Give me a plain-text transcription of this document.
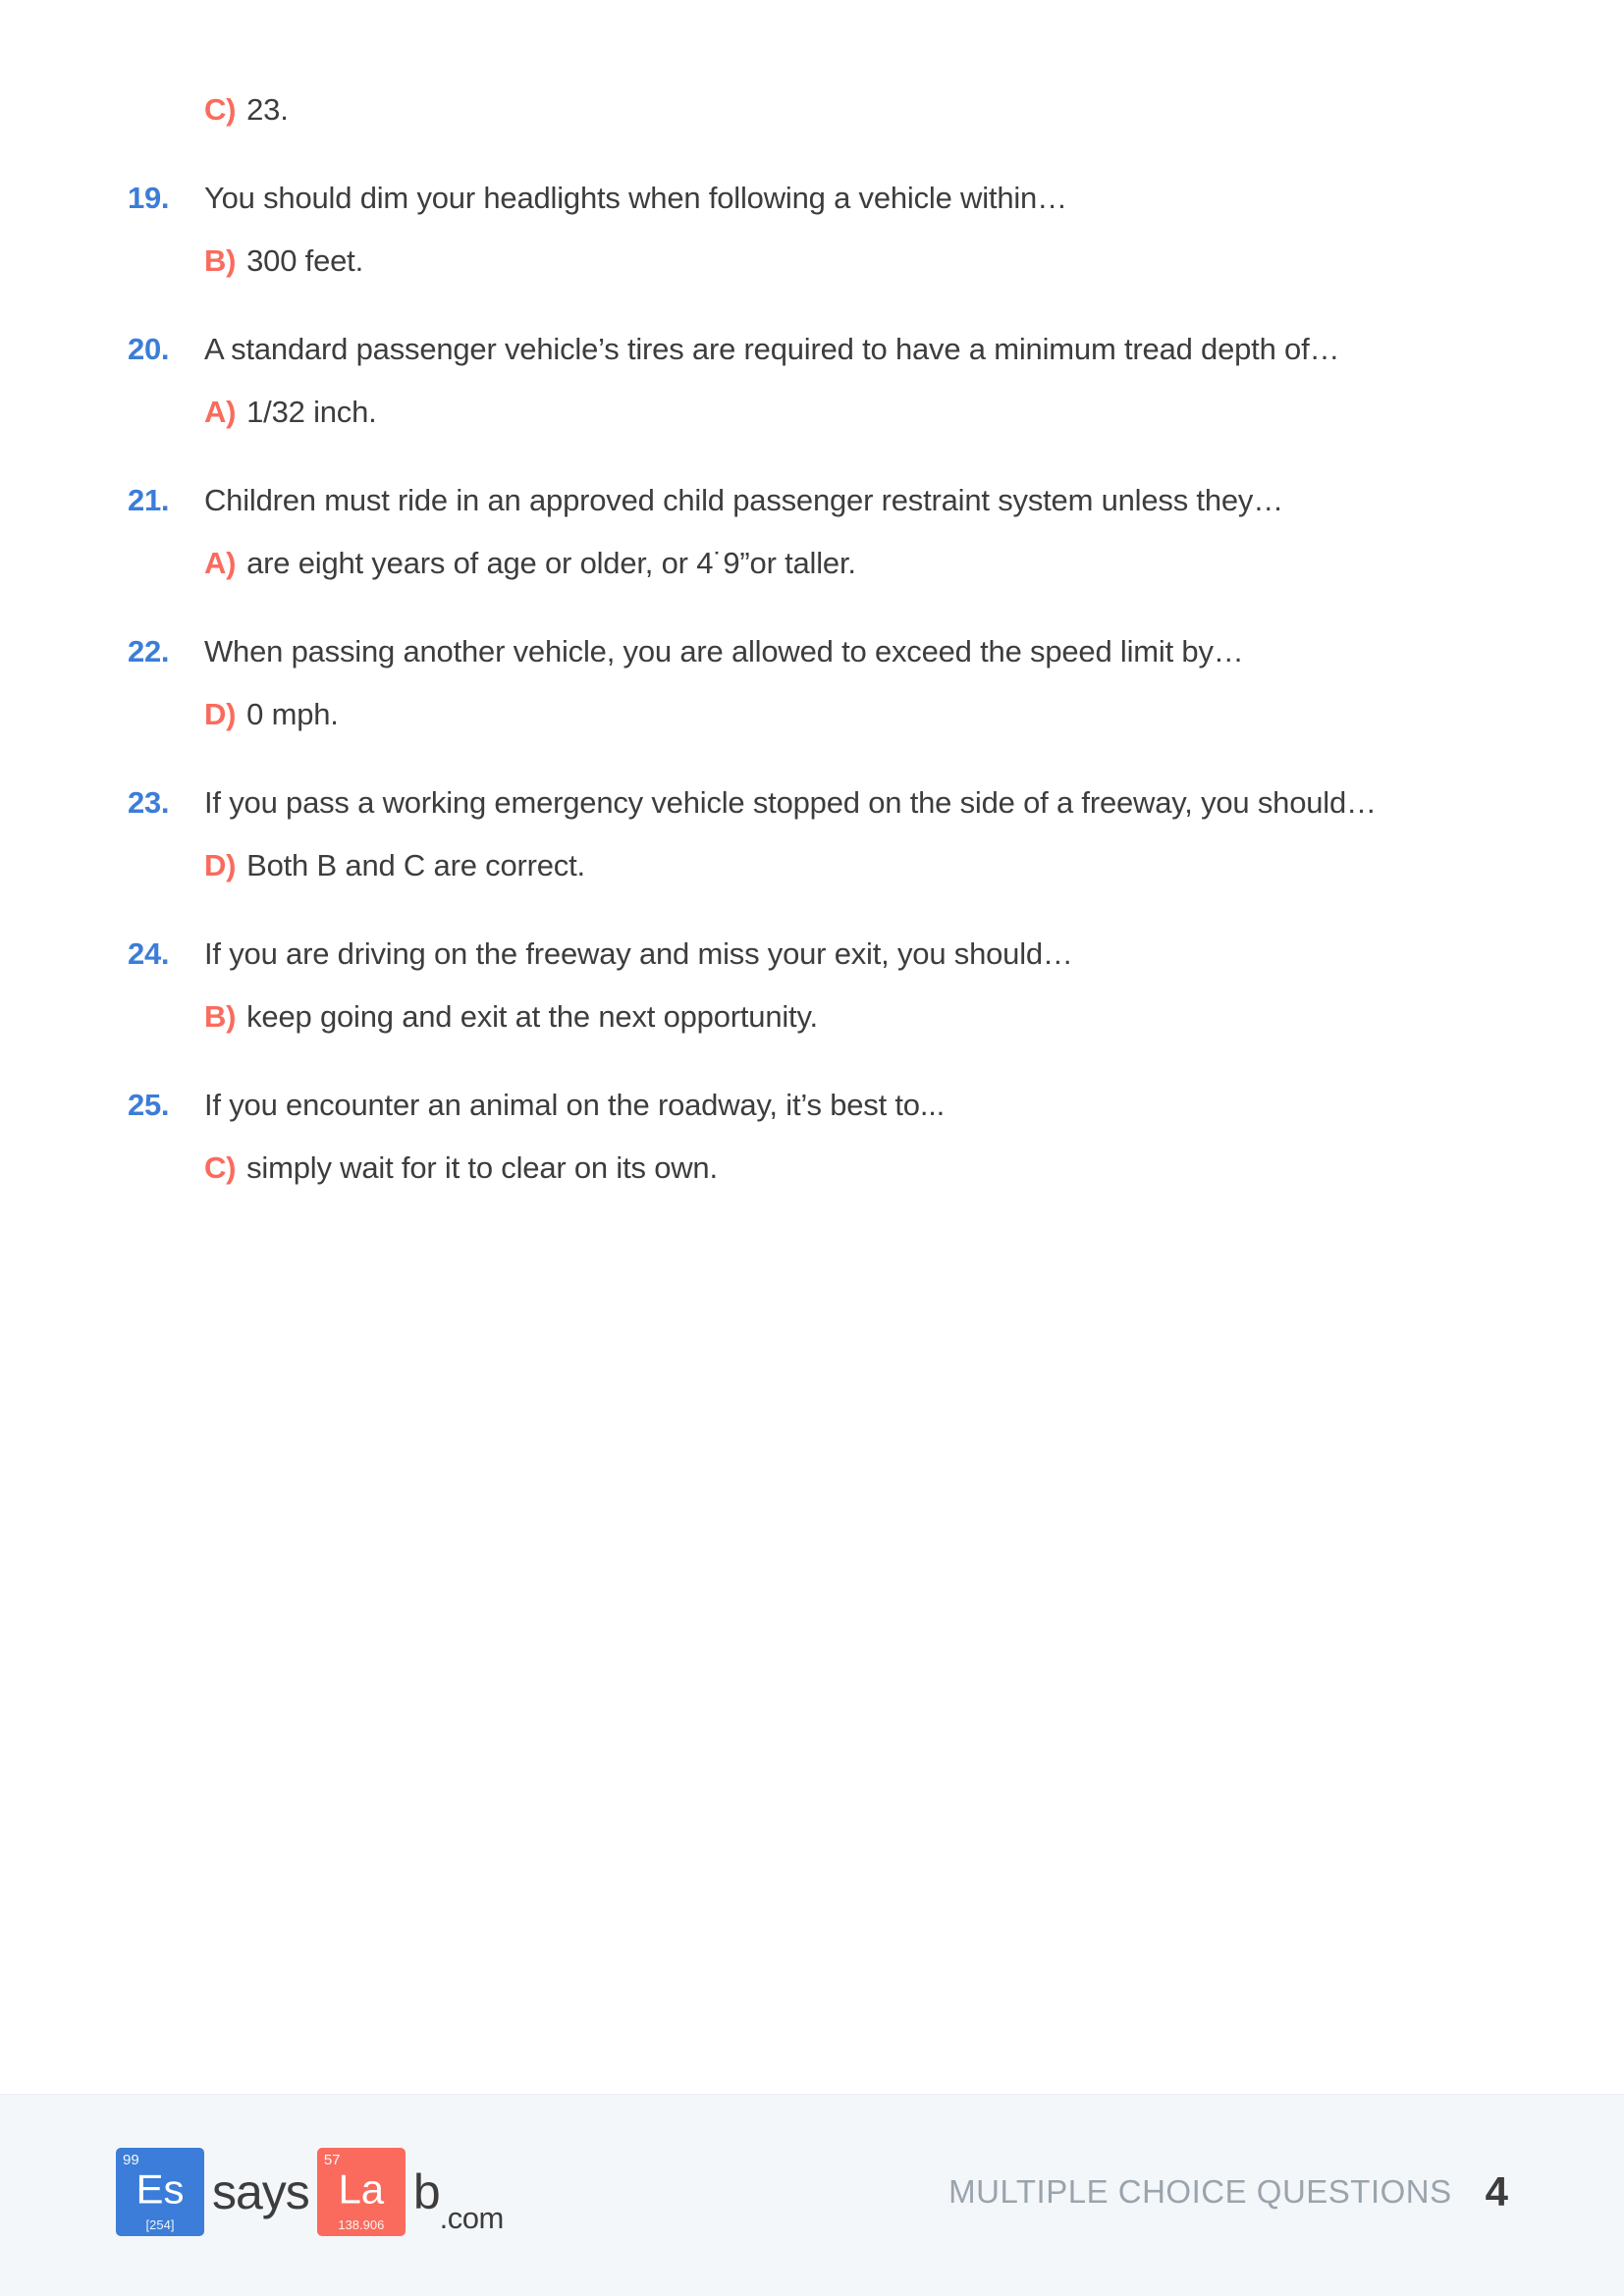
C) 23.
19.	You should dim your headlights when following a vehicle within…
B) 300 feet.
20.	A standard passenger vehicle’s tires are required to have a minimum tread depth of…
A) 1/32 inch.
21.	Children must ride in an approved child passenger restraint system unless they…
A) are eight years of age or older, or 4˙9”or taller.
22.	When passing another vehicle, you are allowed to exceed the speed limit by…
D) 0 mph.
23.	If you pass a working emergency vehicle stopped on the side of a freeway, you should…
D) Both B and C are correct.
24.	If you are driving on the freeway and miss your exit, you should…
B) keep going and exit at the next opportunity.
25.	If you encounter an animal on the roadway, it’s best to...
C) simply wait for it to clear on its own.
99
Es
[254]
says
57
La
138.906
b .com
MULTIPLE CHOICE QUESTIONS 4
